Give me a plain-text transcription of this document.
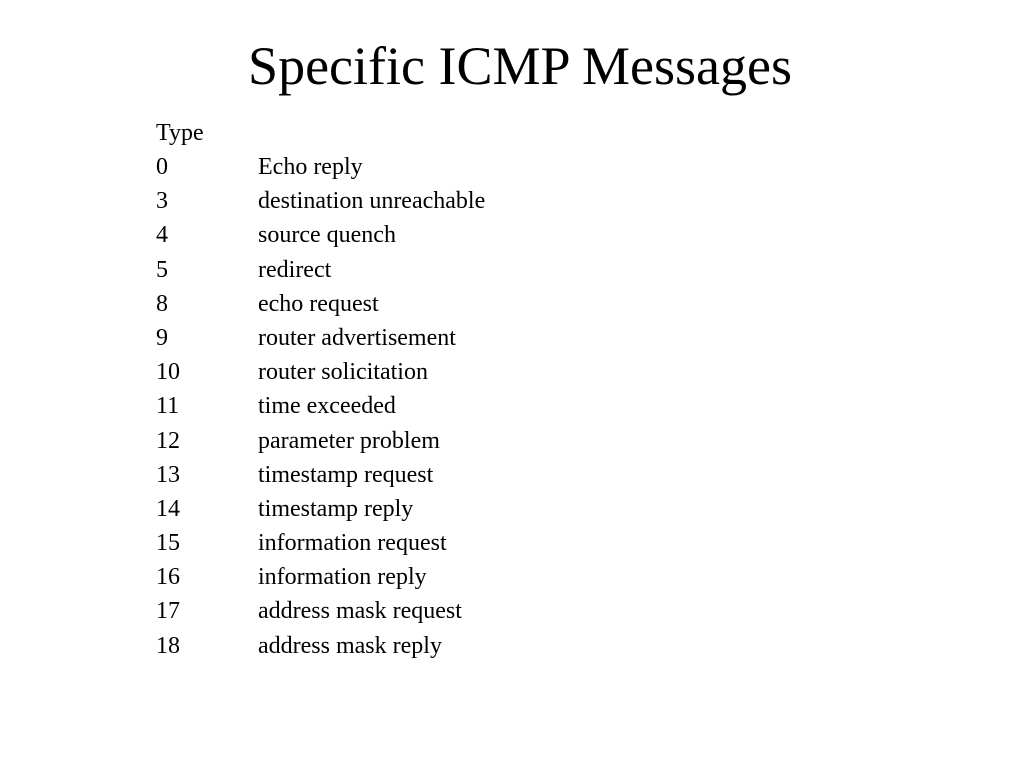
Specific ICMP Messages
Type
0	Echo reply
3	destination unreachable
4	source quench
5	redirect
8	echo request
9	router advertisement
10	router solicitation
11	time exceeded
12	parameter problem
13	timestamp request
14	timestamp reply
15	information request
16	information reply
17	address mask request
18	address mask reply
